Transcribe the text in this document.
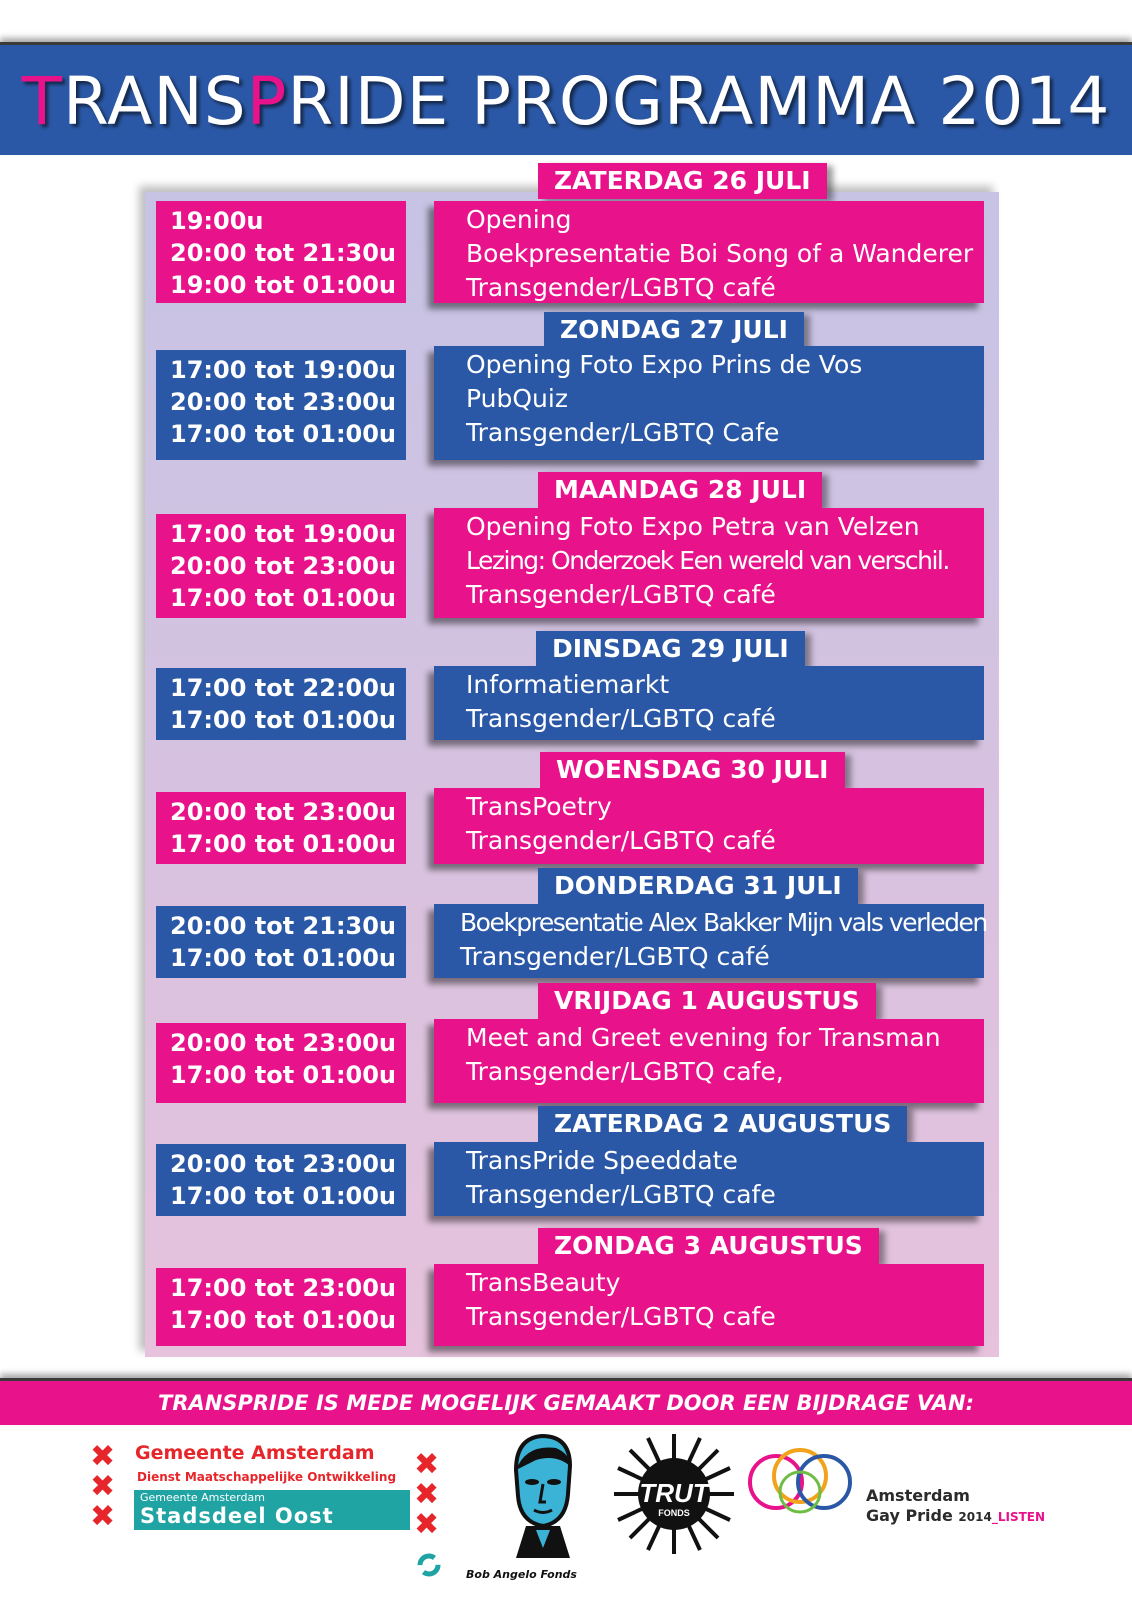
TRANSPRIDE PROGRAMMA 2014
ZATERDAG 26 JULI
19:00u
20:00 tot 21:30u
19:00 tot 01:00u
Opening
Boekpresentatie Boi Song of a Wanderer
Transgender/LGBTQ café
ZONDAG 27 JULI
17:00 tot 19:00u
20:00 tot 23:00u
17:00 tot 01:00u
Opening Foto Expo Prins de Vos
PubQuiz
Transgender/LGBTQ Cafe
MAANDAG 28 JULI
17:00 tot 19:00u
20:00 tot 23:00u
17:00 tot 01:00u
Opening Foto Expo Petra van Velzen
Lezing: Onderzoek Een wereld van verschil.
Transgender/LGBTQ café
DINSDAG 29 JULI
17:00 tot 22:00u
17:00 tot 01:00u
Informatiemarkt
Transgender/LGBTQ café
WOENSDAG 30 JULI
20:00 tot 23:00u
17:00 tot 01:00u
TransPoetry
Transgender/LGBTQ café
DONDERDAG 31 JULI
20:00 tot 21:30u
17:00 tot 01:00u
Boekpresentatie Alex Bakker Mijn vals verleden
Transgender/LGBTQ café
VRIJDAG 1 AUGUSTUS
20:00 tot 23:00u
17:00 tot 01:00u
Meet and Greet evening for Transman
Transgender/LGBTQ cafe,
ZATERDAG 2 AUGUSTUS
20:00 tot 23:00u
17:00 tot 01:00u
TransPride Speeddate
Transgender/LGBTQ cafe
ZONDAG 3 AUGUSTUS
17:00 tot 23:00u
17:00 tot 01:00u
TransBeauty
Transgender/LGBTQ cafe
TRANSPRIDE IS MEDE MOGELIJK GEMAAKT DOOR EEN BIJDRAGE VAN:
✖
✖
✖
Gemeente Amsterdam
Dienst Maatschappelijke Ontwikkeling
Gemeente Amsterdam
Stadsdeel Oost
✖
✖
✖
Bob Angelo Fonds
TRUT
FONDS
Amsterdam
Gay Pride 2014_LISTEN
